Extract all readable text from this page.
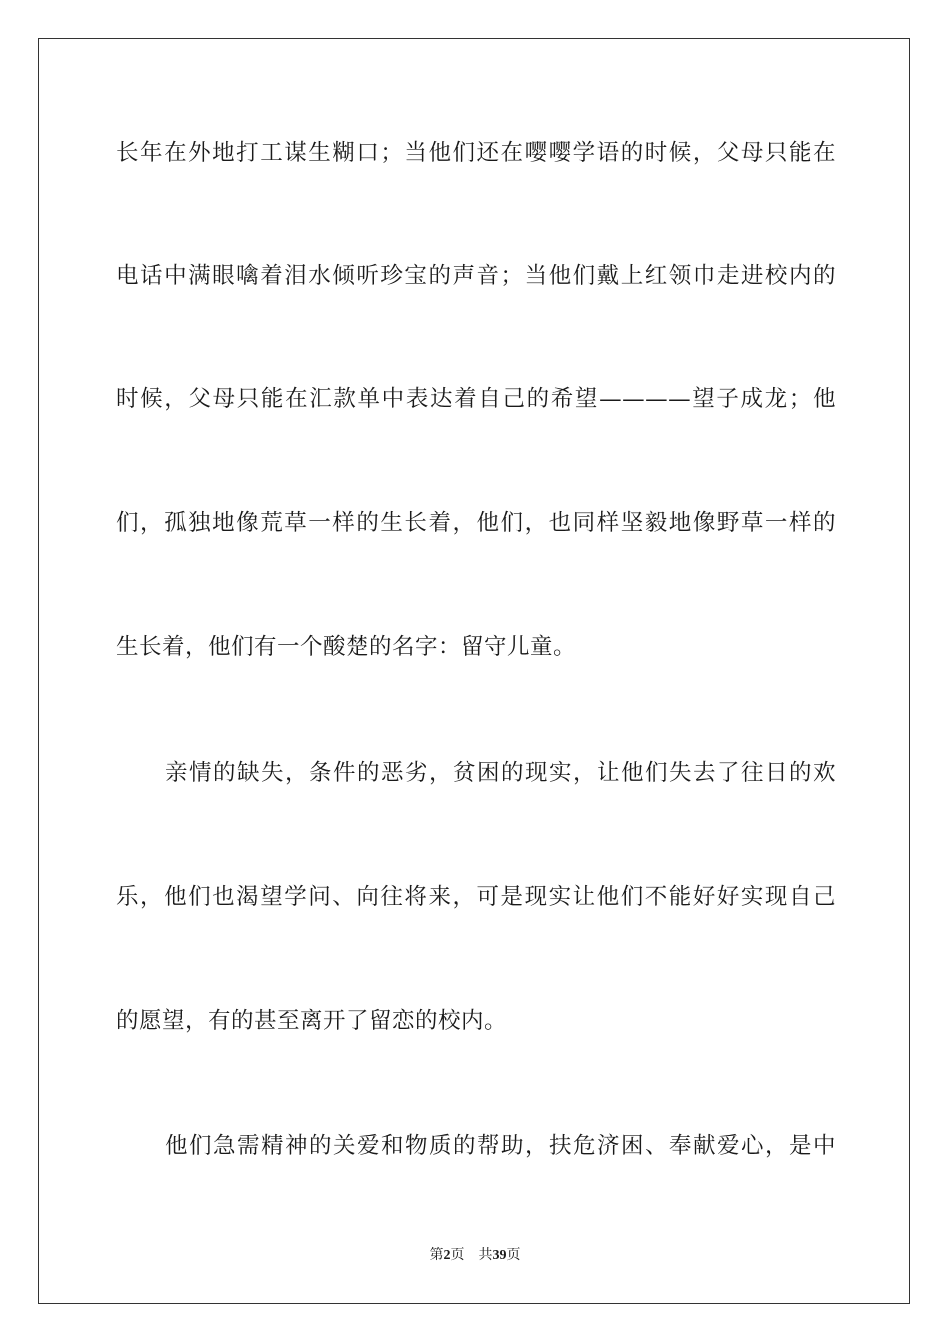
长年在外地打工谋生糊口；当他们还在嘤嘤学语的时候，父母只能在
电话中满眼噙着泪水倾听珍宝的声音；当他们戴上红领巾走进校内的
时候，父母只能在汇款单中表达着自己的希望————望子成龙；他
们，孤独地像荒草一样的生长着，他们，也同样坚毅地像野草一样的
生长着，他们有一个酸楚的名字：留守儿童。
亲情的缺失，条件的恶劣，贫困的现实，让他们失去了往日的欢
乐，他们也渴望学问、向往将来，可是现实让他们不能好好实现自己
的愿望，有的甚至离开了留恋的校内。
他们急需精神的关爱和物质的帮助，扶危济困、奉献爱心，是中
第2页 共39页
